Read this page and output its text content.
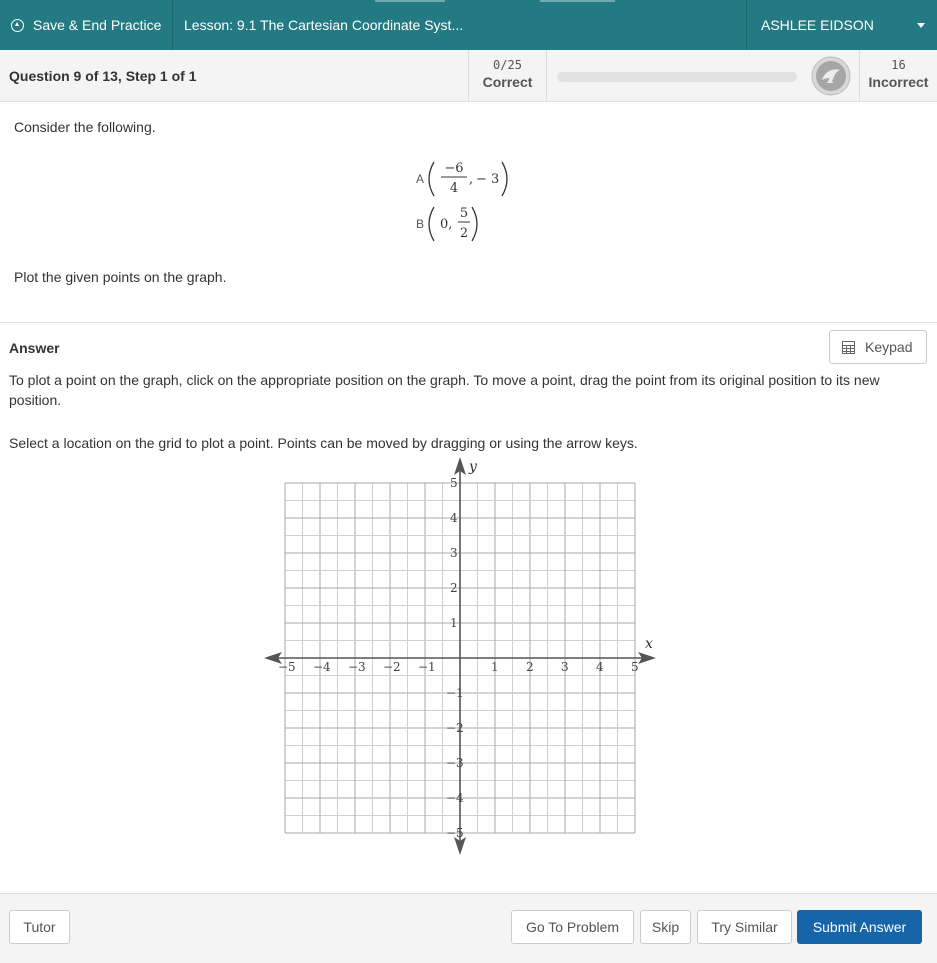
Save & End Practice Lesson: 9.1 The Cartesian Coordinate Syst...	ASHLEE EIDSON
Question 9 of 13, Step 1 of 1
0/25
Correct
16
Incorrect
Consider the following.
A
−6
4
, − 3
B 0,
5
2
Plot the given points on the graph.
Answer	Keypad
To plot a point on the graph, click on the appropriate position on the graph. To move a point, drag the point from its original position to its new position.
Select a location on the grid to plot a point. Points can be moved by dragging or using the arrow keys.
−5 −4 −3 −2 −1	1 2 3 4 5
5
4
3
2
1
−1
−2
−3
−4
−5
x
y
Tutor	Go To Problem	Skip	Try Similar	Submit Answer
